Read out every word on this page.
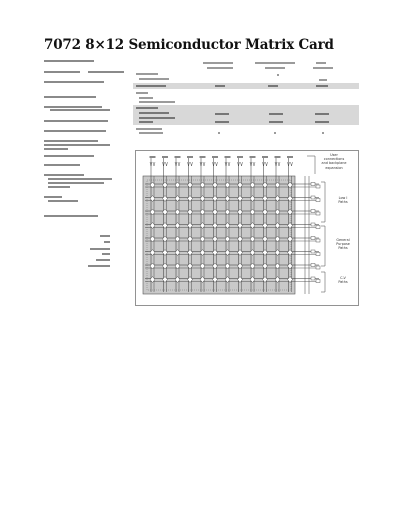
7072 8×12 Semiconductor Matrix Card
User
connections
and backplane
expansion
Low I
Paths
General
Purpose
Paths
C-V
Paths
